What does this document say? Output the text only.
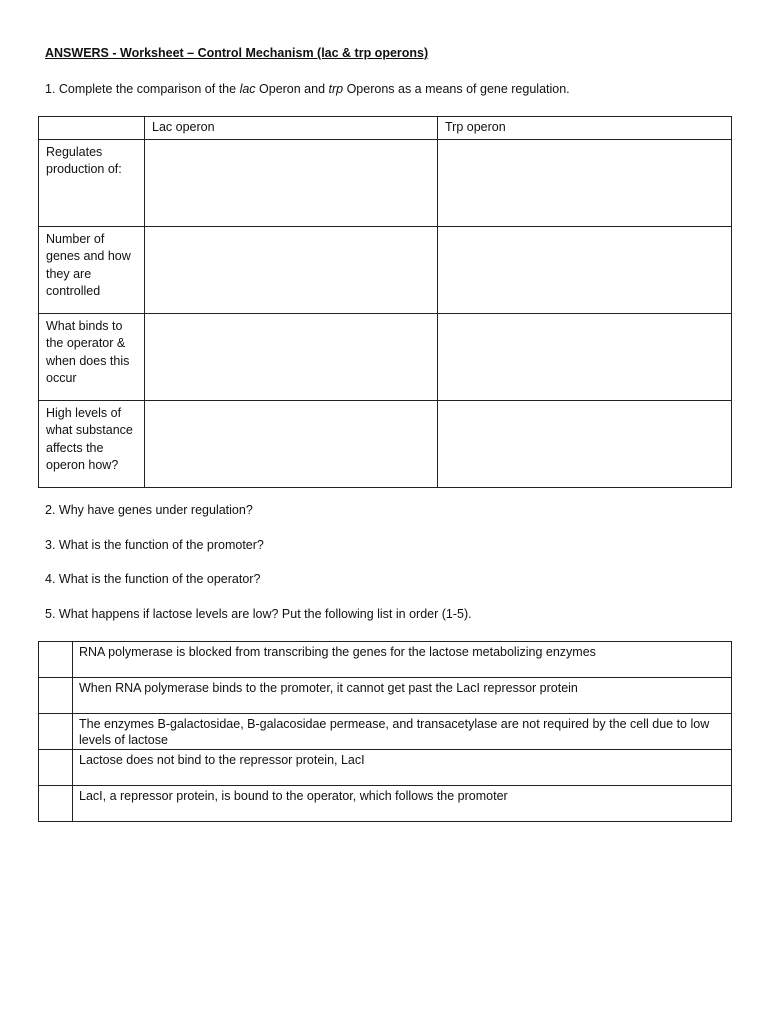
ANSWERS - Worksheet – Control Mechanism (lac & trp operons)
1. Complete the comparison of the lac Operon and trp Operons as a means of gene regulation.
	Lac operon	Trp operon
Regulates production of:		
Number of genes and how they are controlled		
What binds to the operator & when does this occur		
High levels of what substance affects the operon how?		
2. Why have genes under regulation?
3. What is the function of the promoter?
4. What is the function of the operator?
5. What happens if lactose levels are low? Put the following list in order (1-5).
	RNA polymerase is blocked from transcribing the genes for the lactose metabolizing enzymes
	When RNA polymerase binds to the promoter, it cannot get past the LacI repressor protein
	The enzymes B-galactosidae, B-galacosidae permease, and transacetylase are not required by the cell due to low levels of lactose
	Lactose does not bind to the repressor protein, LacI
	LacI, a repressor protein, is bound to the operator, which follows the promoter
